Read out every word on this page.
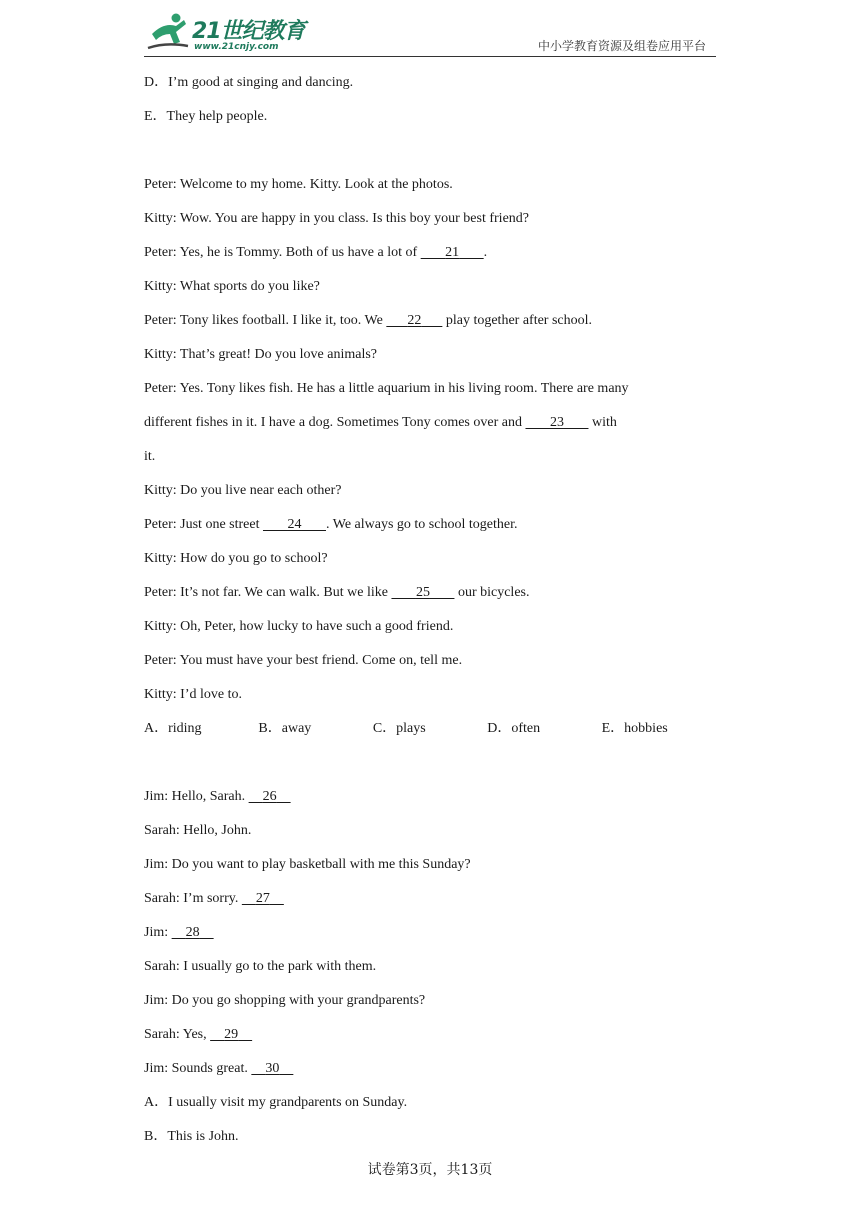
21世纪教育
www.21cnjy.com	中小学教育资源及组卷应用平台
D．I’m good at singing and dancing.
E．They help people.
Peter: Welcome to my home. Kitty. Look at the photos.
Kitty: Wow. You are happy in you class. Is this boy your best friend?
Peter: Yes, he is Tommy. Both of us have a lot of        21 .
Kitty: What sports do you like?
Peter: Tony likes football. I like it, too. We       22       play together after school.
Kitty: That’s great! Do you love animals?
Peter: Yes. Tony likes fish. He has a little aquarium in his living room. There are many
different fishes in it. I have a dog. Sometimes Tony comes over and        23        with
it.
Kitty: Do you live near each other?
Peter: Just one street        24 . We always go to school together.
Kitty: How do you go to school?
Peter: It’s not far. We can walk. But we like        25        our bicycles.
Kitty: Oh, Peter, how lucky to have such a good friend.
Peter: You must have your best friend. Come on, tell me.
Kitty: I’d love to.
A．riding	B．away	C．plays	D．often	E．hobbies
Jim: Hello, Sarah.     26
Sarah: Hello, John.
Jim: Do you want to play basketball with me this Sunday?
Sarah: I’m sorry.     27
Jim:     28
Sarah: I usually go to the park with them.
Jim: Do you go shopping with your grandparents?
Sarah: Yes,     29
Jim: Sounds great.     30
A．I usually visit my grandparents on Sunday.
B．This is John.
试卷第3页，共13页
